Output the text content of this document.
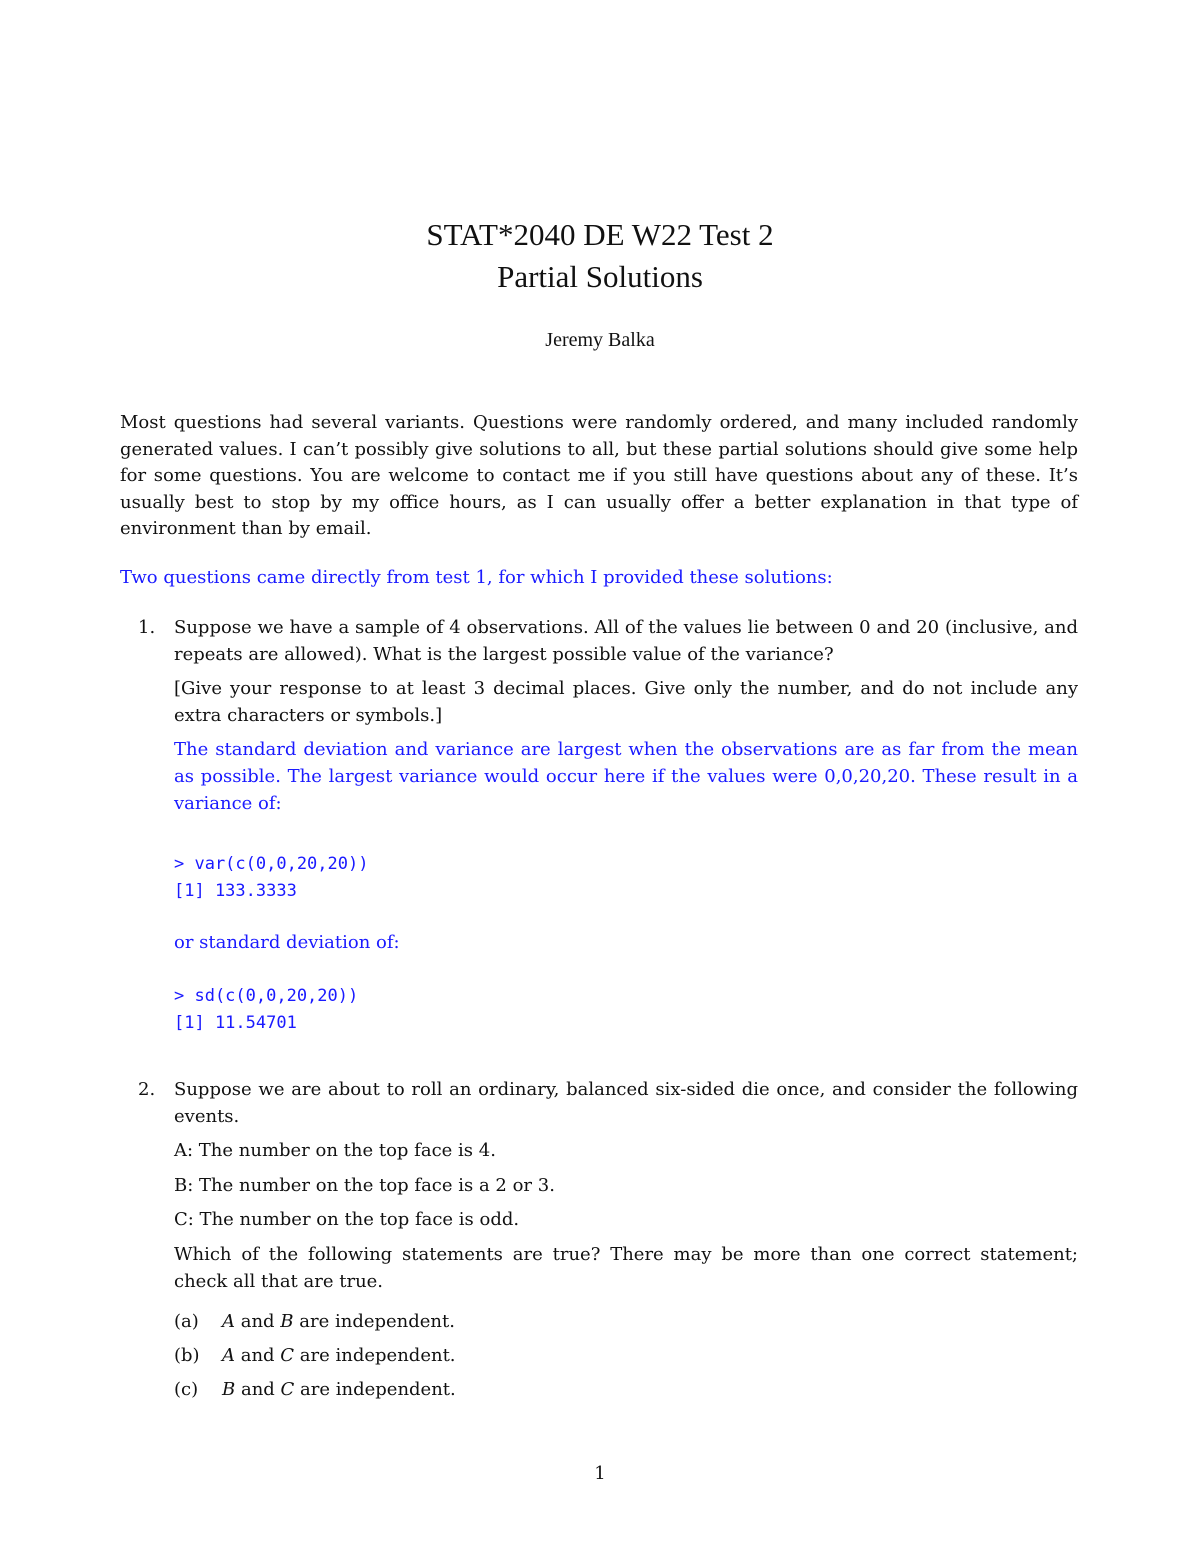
STAT*2040 DE W22 Test 2
Partial Solutions
Jeremy Balka
Most questions had several variants. Questions were randomly ordered, and many included randomly generated values. I can’t possibly give solutions to all, but these partial solutions should give some help for some questions. You are welcome to contact me if you still have questions about any of these. It’s usually best to stop by my office hours, as I can usually offer a better explanation in that type of environment than by email.
Two questions came directly from test 1, for which I provided these solutions:
1. Suppose we have a sample of 4 observations. All of the values lie between 0 and 20 (inclusive, and repeats are allowed). What is the largest possible value of the variance?

[Give your response to at least 3 decimal places. Give only the number, and do not include any extra characters or symbols.]

The standard deviation and variance are largest when the observations are as far from the mean as possible. The largest variance would occur here if the values were 0,0,20,20. These result in a variance of:

> var(c(0,0,20,20))

[1] 133.3333

or standard deviation of:

> sd(c(0,0,20,20))

[1] 11.54701

2. Suppose we are about to roll an ordinary, balanced six-sided die once, and consider the following events.

A: The number on the top face is 4.

B: The number on the top face is a 2 or 3.

C: The number on the top face is odd.

Which of the following statements are true? There may be more than one correct statement; check all that are true.

(a) A and B are independent.
(b) A and C are independent.
(c) B and C are independent.
1
